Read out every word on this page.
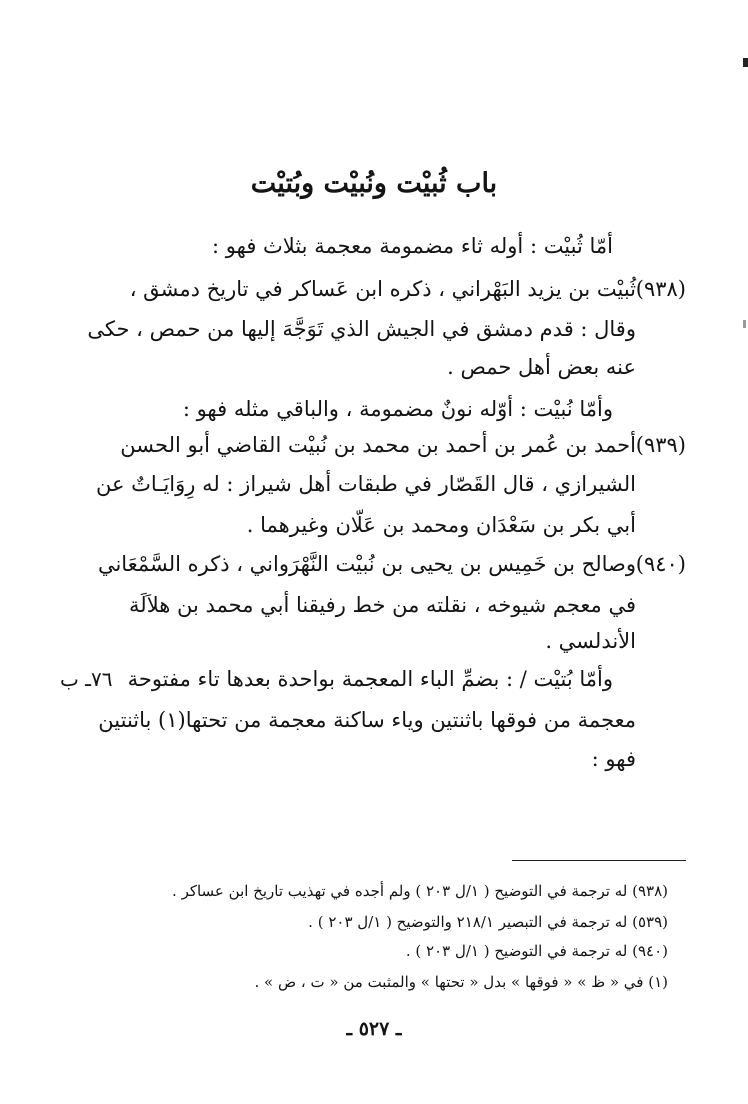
باب ثُبيْت ونُبيْت وبُتيْت
أمّا ثُبيْت : أوله ثاء مضمومة معجمة بثلاث فهو :
(٩٣٨)
ثُبيْت بن يزيد البَهْراني ، ذكره ابن عَساكر في تاريخ دمشق ،
وقال : قدم دمشق في الجيش الذي تَوَجَّهَ إليها من حمص ، حكى
عنه بعض أهل حمص .
وأمّا نُبيْت : أوّله نونٌ مضمومة ، والباقي مثله فهو :
(٩٣٩)
أحمد بن عُمر بن أحمد بن محمد بن نُبيْت القاضي أبو الحسن
الشيرازي ، قال القَصّار في طبقات أهل شيراز : له رِوَايَـاتٌ عن
أبي بكر بن سَعْدَان ومحمد بن عَلّان وغيرهما .
(٩٤٠)
وصالح بن خَمِيس بن يحيى بن نُبيْت النَّهْرَواني ، ذكره السَّمْعَاني
في معجم شيوخه ، نقلته من خط رفيقنا أبي محمد بن هلاَلَة
الأندلسي .
٧٦ـ ب وأمّا بُتيْت / : بضمِّ الباء المعجمة بواحدة بعدها تاء مفتوحة
معجمة من فوقها باثنتين وياء ساكنة معجمة من تحتها(١) باثنتين
فهو :
(٩٣٨) له ترجمة في التوضيح ( ١/ل ٢٠٣ ) ولم أجده في تهذيب تاريخ ابن عساكر .
(٥٣٩) له ترجمة في التبصير ٢١٨/١ والتوضيح ( ١/ل ٢٠٣ ) .
(٩٤٠) له ترجمة في التوضيح ( ١/ل ٢٠٣ ) .
(١) في « ظ » « فوقها » بدل « تحتها » والمثبت من « ت ، ض » .
ـ ٥٢٧ ـ
